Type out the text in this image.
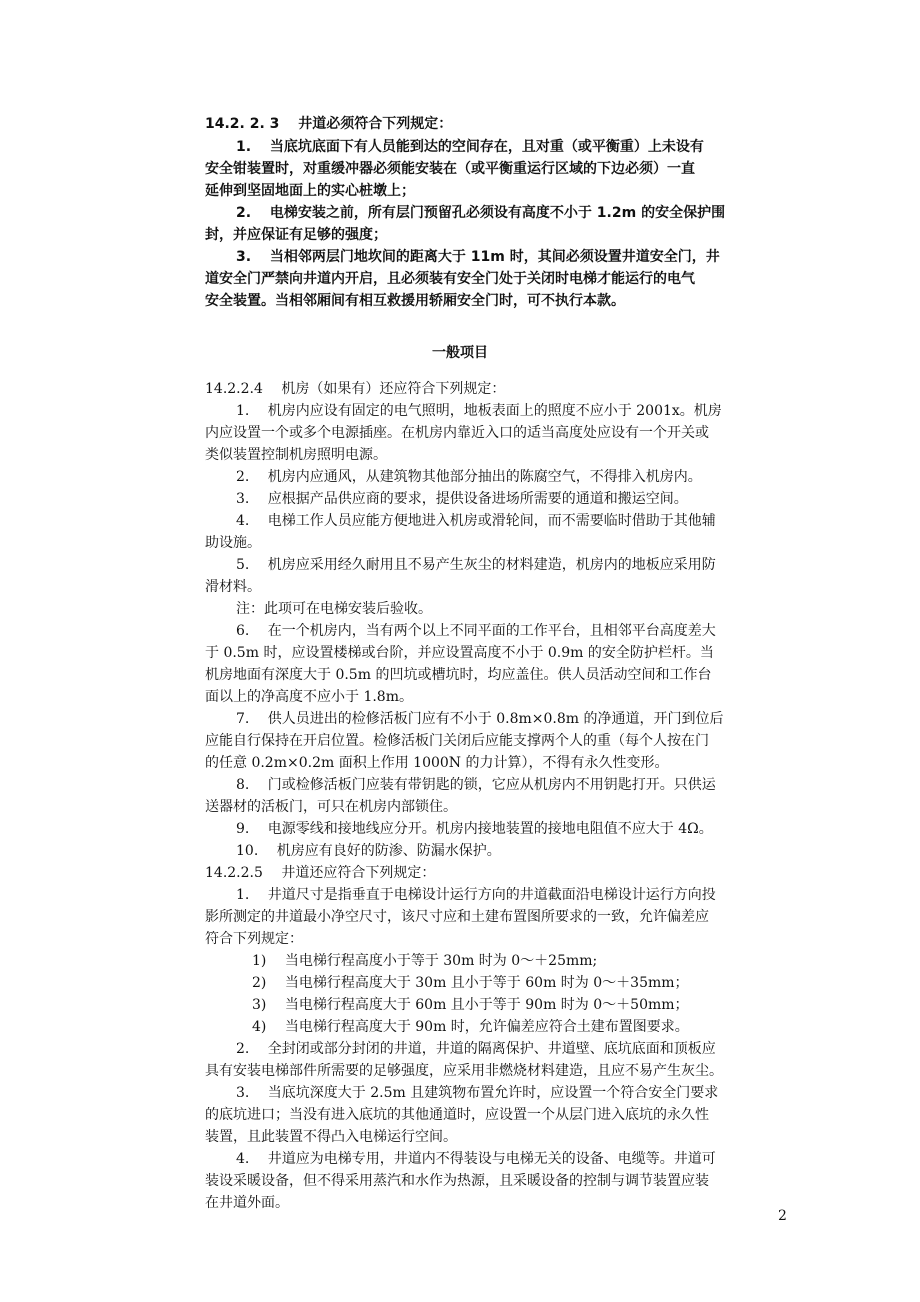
14.2. 2. 3　 井道必须符合下列规定：
1.　 当底坑底面下有人员能到达的空间存在，且对重（或平衡重）上未设有
安全钳装置时，对重缓冲器必须能安装在（或平衡重运行区域的下边必须）一直
延伸到坚固地面上的实心桩墩上；
2.　 电梯安装之前，所有层门预留孔必须设有高度不小于 1.2m 的安全保护围
封，并应保证有足够的强度；
3.　 当相邻两层门地坎间的距离大于 11m 时，其间必须设置井道安全门，井
道安全门严禁向井道内开启，且必须装有安全门处于关闭时电梯才能运行的电气
安全装置。当相邻厢间有相互救援用轿厢安全门时，可不执行本款。
一般项目
14.2.2.4　 机房（如果有）还应符合下列规定：
1.　 机房内应设有固定的电气照明，地板表面上的照度不应小于 2001x。机房
内应设置一个或多个电源插座。在机房内靠近入口的适当高度处应设有一个开关或
类似装置控制机房照明电源。
2.　 机房内应通风，从建筑物其他部分抽出的陈腐空气，不得排入机房内。
3.　 应根据产品供应商的要求，提供设备进场所需要的通道和搬运空间。
4.　 电梯工作人员应能方便地进入机房或滑轮间，而不需要临时借助于其他辅
助设施。
5.　 机房应采用经久耐用且不易产生灰尘的材料建造，机房内的地板应采用防
滑材料。
注：此项可在电梯安装后验收。
6.　 在一个机房内，当有两个以上不同平面的工作平台，且相邻平台高度差大
于 0.5m 时，应设置楼梯或台阶，并应设置高度不小于 0.9m 的安全防护栏杆。当
机房地面有深度大于 0.5m 的凹坑或槽坑时，均应盖住。供人员活动空间和工作台
面以上的净高度不应小于 1.8m。
7.　 供人员进出的检修活板门应有不小于 0.8m×0.8m 的净通道，开门到位后
应能自行保持在开启位置。检修活板门关闭后应能支撑两个人的重（每个人按在门
的任意 0.2m×0.2m 面积上作用 1000N 的力计算），不得有永久性变形。
8.　 门或检修活板门应装有带钥匙的锁，它应从机房内不用钥匙打开。只供运
送器材的活板门，可只在机房内部锁住。
9.　 电源零线和接地线应分开。机房内接地装置的接地电阻值不应大于 4Ω。
10.　 机房应有良好的防渗、防漏水保护。
14.2.2.5　 井道还应符合下列规定：
1.　 井道尺寸是指垂直于电梯设计运行方向的井道截面沿电梯设计运行方向投
影所测定的井道最小净空尺寸，该尺寸应和土建布置图所要求的一致，允许偏差应
符合下列规定：
1)　 当电梯行程高度小于等于 30m 时为 0～＋25mm;
2)　 当电梯行程高度大于 30m 且小于等于 60m 时为 0～＋35mm；
3)　 当电梯行程高度大于 60m 且小于等于 90m 时为 0～＋50mm；
4)　 当电梯行程高度大于 90m 时，允许偏差应符合土建布置图要求。
2.　 全封闭或部分封闭的井道，井道的隔离保护、井道壁、底坑底面和顶板应
具有安装电梯部件所需要的足够强度，应采用非燃烧材料建造，且应不易产生灰尘。
3.　 当底坑深度大于 2.5m 且建筑物布置允许时，应设置一个符合安全门要求
的底坑进口；当没有进入底坑的其他通道时，应设置一个从层门进入底坑的永久性
装置，且此装置不得凸入电梯运行空间。
4.　 井道应为电梯专用，井道内不得装设与电梯无关的设备、电缆等。井道可
装设采暖设备，但不得采用蒸汽和水作为热源，且采暖设备的控制与调节装置应装
在井道外面。
2
